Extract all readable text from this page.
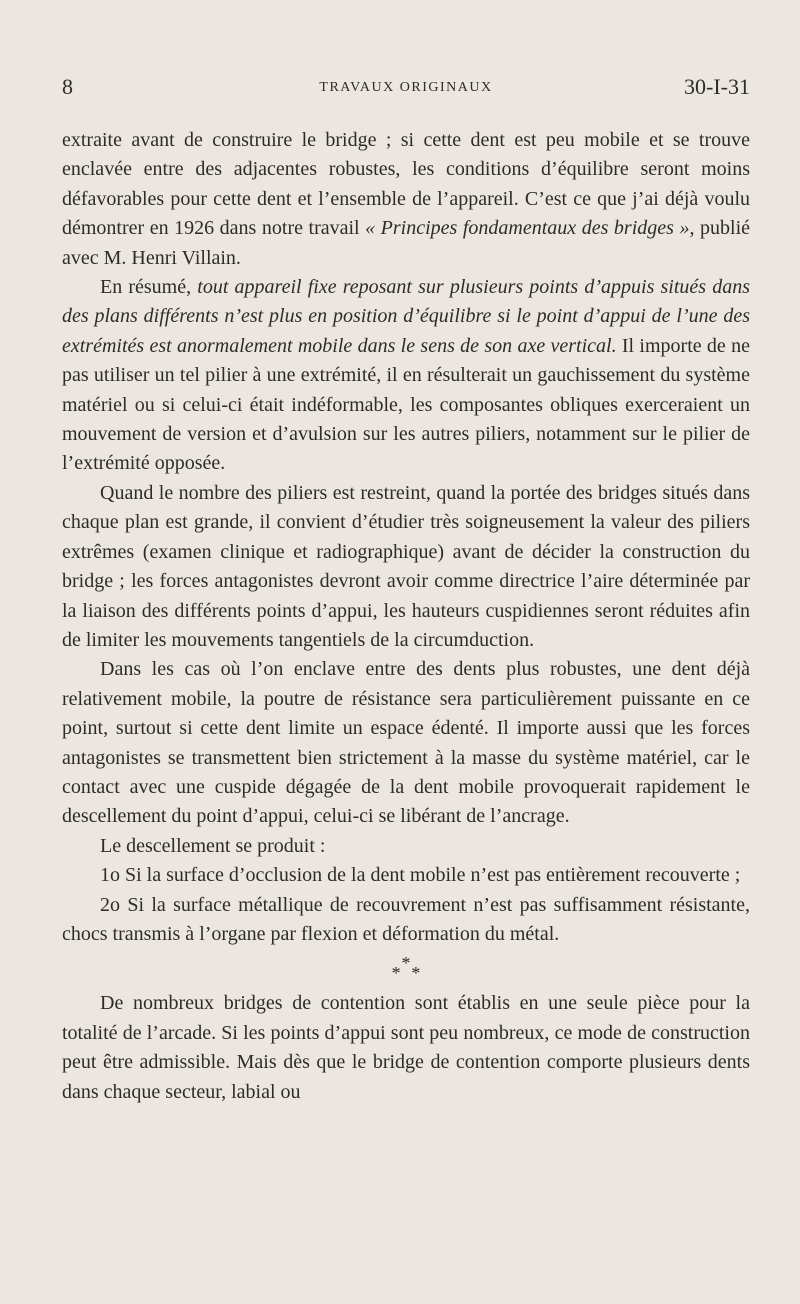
8	TRAVAUX ORIGINAUX	30-I-31

extraite avant de construire le bridge ; si cette dent est peu mobile et se trouve enclavée entre des adjacentes robustes, les conditions d’équilibre seront moins défavorables pour cette dent et l’ensemble de l’appareil. C’est ce que j’ai déjà voulu démontrer en 1926 dans notre travail « Principes fondamentaux des bridges », publié avec M. Henri Villain.

En résumé, tout appareil fixe reposant sur plusieurs points d’appuis situés dans des plans différents n’est plus en position d’équilibre si le point d’appui de l’une des extrémités est anormalement mobile dans le sens de son axe vertical. Il importe de ne pas utiliser un tel pilier à une extrémité, il en résulterait un gauchissement du système matériel ou si celui-ci était indéformable, les composantes obliques exerceraient un mouvement de version et d’avulsion sur les autres piliers, notamment sur le pilier de l’extrémité opposée.

Quand le nombre des piliers est restreint, quand la portée des bridges situés dans chaque plan est grande, il convient d’étudier très soigneusement la valeur des piliers extrêmes (examen clinique et radiographique) avant de décider la construction du bridge ; les forces antagonistes devront avoir comme directrice l’aire déterminée par la liaison des différents points d’appui, les hauteurs cuspidiennes seront réduites afin de limiter les mouvements tangentiels de la circumduction.

Dans les cas où l’on enclave entre des dents plus robustes, une dent déjà relativement mobile, la poutre de résistance sera particulièrement puissante en ce point, surtout si cette dent limite un espace édenté. Il importe aussi que les forces antagonistes se transmettent bien strictement à la masse du système matériel, car le contact avec une cuspide dégagée de la dent mobile provoquerait rapidement le descellement du point d’appui, celui-ci se libérant de l’ancrage.

Le descellement se produit :

1o Si la surface d’occlusion de la dent mobile n’est pas entièrement recouverte ;

2o Si la surface métallique de recouvrement n’est pas suffisamment résistante, chocs transmis à l’organe par flexion et déformation du métal.

*
* *

De nombreux bridges de contention sont établis en une seule pièce pour la totalité de l’arcade. Si les points d’appui sont peu nombreux, ce mode de construction peut être admissible. Mais dès que le bridge de contention comporte plusieurs dents dans chaque secteur, labial ou
